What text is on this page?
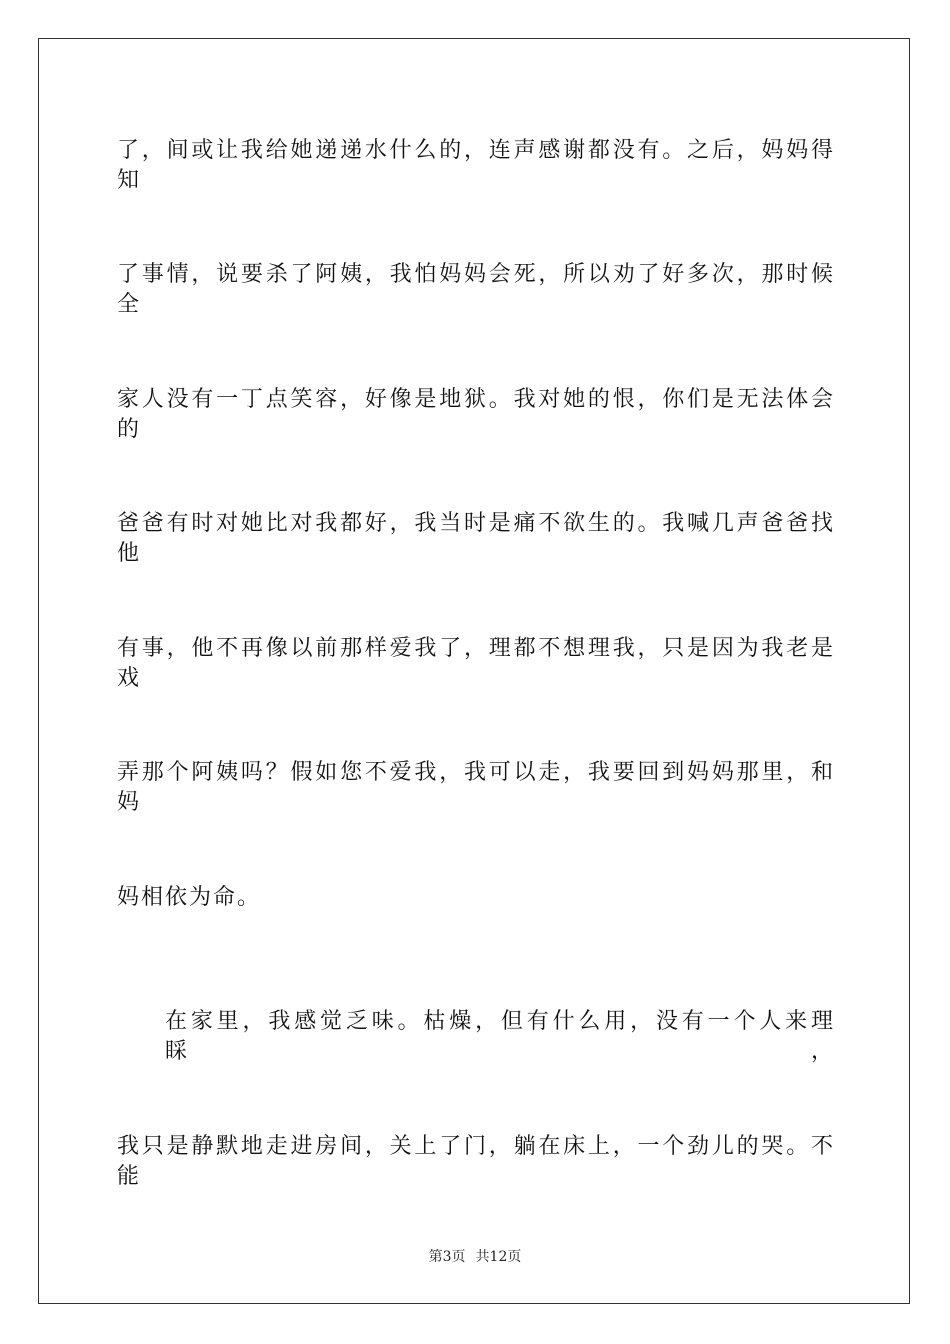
了，间或让我给她递递水什么的，连声感谢都没有。之后，妈妈得知
了事情，说要杀了阿姨，我怕妈妈会死，所以劝了好多次，那时候全
家人没有一丁点笑容，好像是地狱。我对她的恨，你们是无法体会的
爸爸有时对她比对我都好，我当时是痛不欲生的。我喊几声爸爸找他
有事，他不再像以前那样爱我了，理都不想理我，只是因为我老是戏
弄那个阿姨吗？假如您不爱我，我可以走，我要回到妈妈那里，和妈
妈相依为命。
在家里，我感觉乏味。枯燥，但有什么用，没有一个人来理睬，
我只是静默地走进房间，关上了门，躺在床上，一个劲儿的哭。不能
第3页 共12页
